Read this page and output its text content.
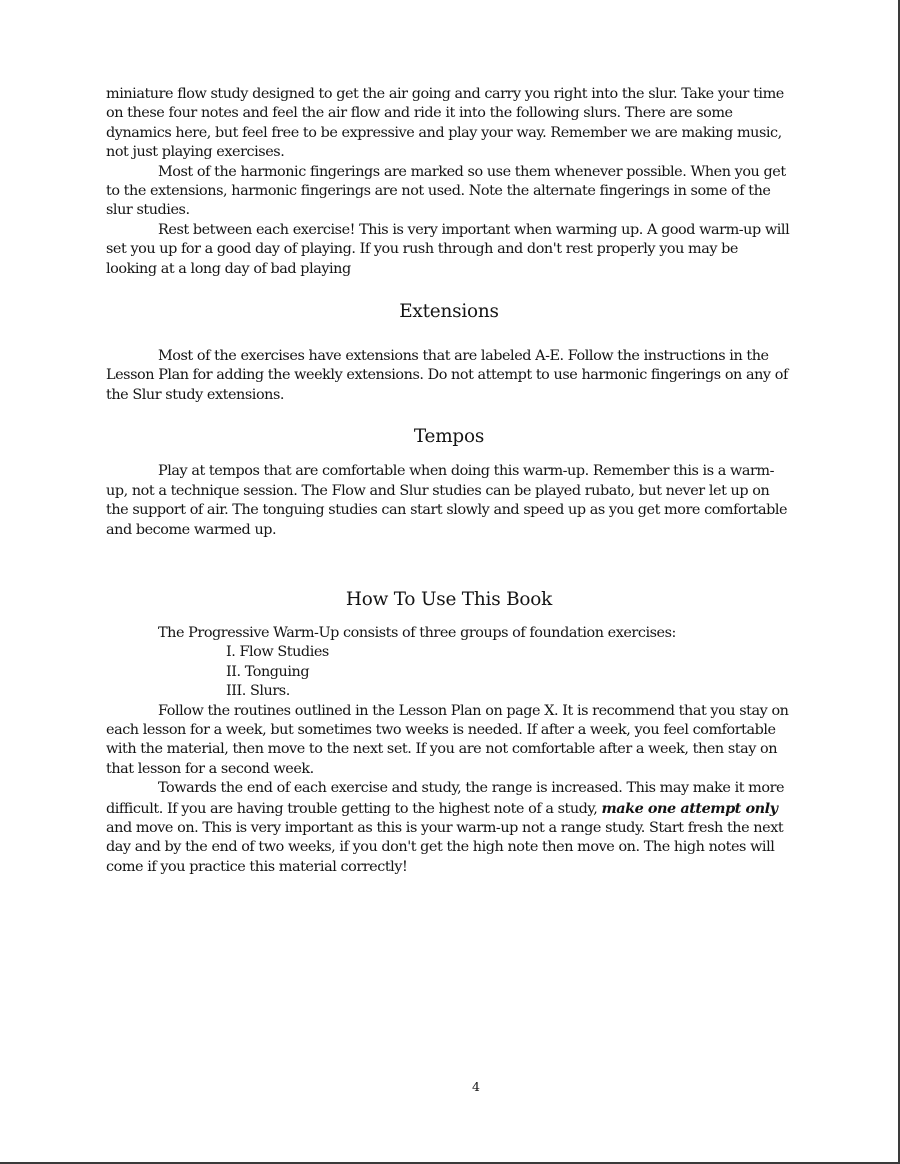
miniature flow study designed to get the air going and carry you right into the slur. Take your time on these four notes and feel the air flow and ride it into the following slurs. There are some dynamics here, but feel free to be expressive and play your way. Remember we are making music, not just playing exercises.

Most of the harmonic fingerings are marked so use them whenever possible. When you get to the extensions, harmonic fingerings are not used. Note the alternate fingerings in some of the slur studies.

Rest between each exercise! This is very important when warming up. A good warm-up will set you up for a good day of playing. If you rush through and don't rest properly you may be looking at a long day of bad playing

Extensions

Most of the exercises have extensions that are labeled A-E. Follow the instructions in the Lesson Plan for adding the weekly extensions. Do not attempt to use harmonic fingerings on any of the Slur study extensions.

Tempos

Play at tempos that are comfortable when doing this warm-up. Remember this is a warm-up, not a technique session. The Flow and Slur studies can be played rubato, but never let up on the support of air. The tonguing studies can start slowly and speed up as you get more comfortable and become warmed up.

How To Use This Book

The Progressive Warm-Up consists of three groups of foundation exercises:

I. Flow Studies
II. Tonguing
III. Slurs.

Follow the routines outlined in the Lesson Plan on page X. It is recommend that you stay on each lesson for a week, but sometimes two weeks is needed. If after a week, you feel comfortable with the material, then move to the next set. If you are not comfortable after a week, then stay on that lesson for a second week.

Towards the end of each exercise and study, the range is increased. This may make it more difficult. If you are having trouble getting to the highest note of a study, make one attempt only and move on. This is very important as this is your warm-up not a range study. Start fresh the next day and by the end of two weeks, if you don't get the high note then move on. The high notes will come if you practice this material correctly!

4
